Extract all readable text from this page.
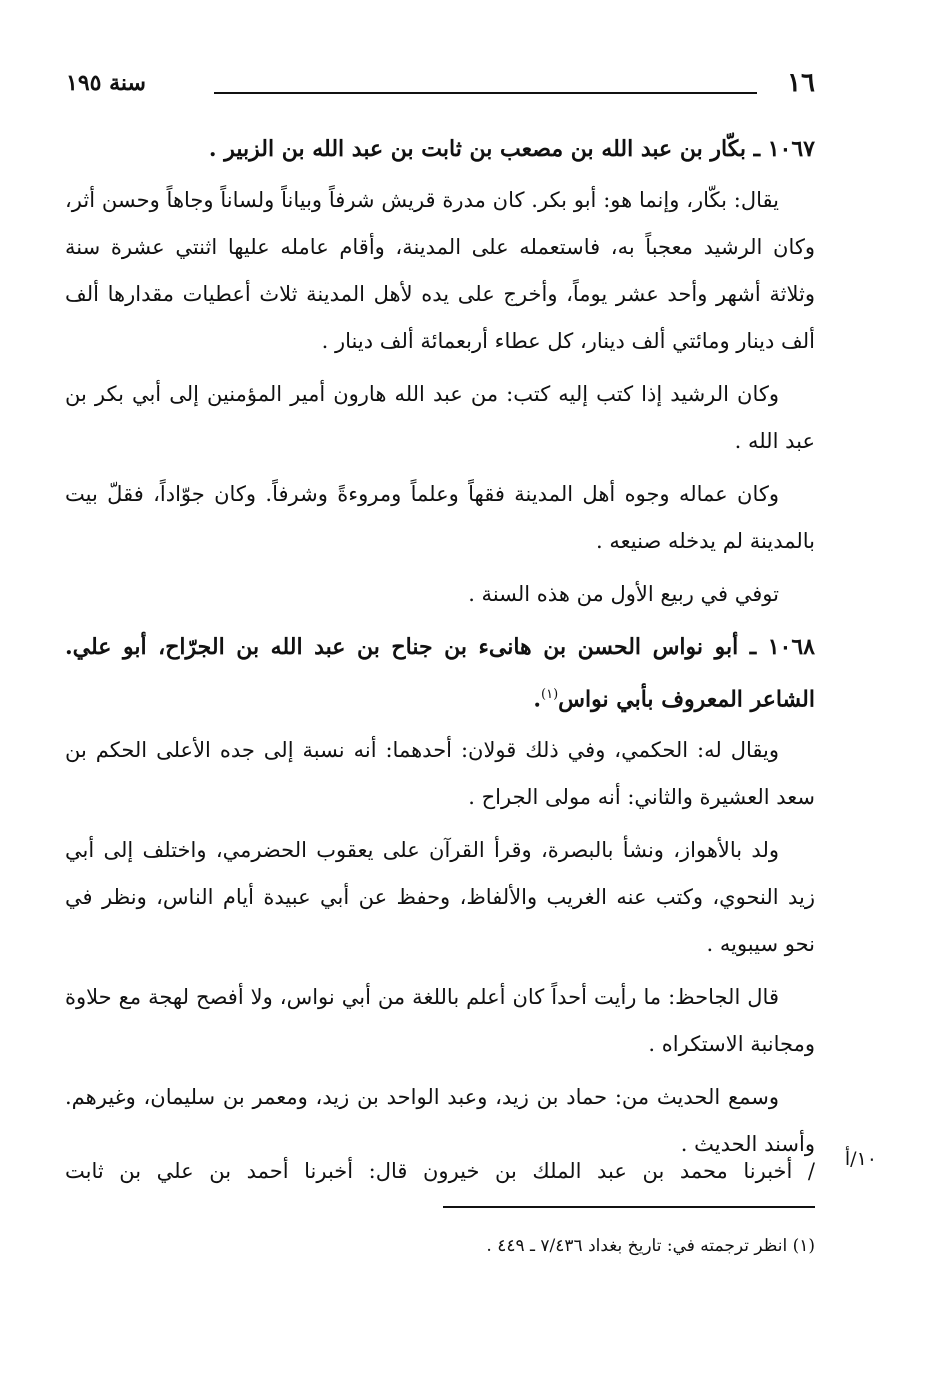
١٦
سنة ١٩٥

١٠٦٧ ـ بكّار بن عبد الله بن مصعب بن ثابت بن عبد الله بن الزبير .

يقال: بكّار، وإنما هو: أبو بكر. كان مدرة قريش شرفاً وبياناً ولساناً وجاهاً وحسن أثر، وكان الرشيد معجباً به، فاستعمله على المدينة، وأقام عامله عليها اثنتي عشرة سنة وثلاثة أشهر وأحد عشر يوماً، وأخرج على يده لأهل المدينة ثلاث أعطيات مقدارها ألف ألف دينار ومائتي ألف دينار، كل عطاء أربعمائة ألف دينار .

وكان الرشيد إذا كتب إليه كتب: من عبد الله هارون أمير المؤمنين إلى أبي بكر بن عبد الله .

وكان عماله وجوه أهل المدينة فقهاً وعلماً ومروءةً وشرفاً. وكان جوّاداً، فقلّ بيت بالمدينة لم يدخله صنيعه .

توفي في ربيع الأول من هذه السنة .

١٠٦٨ ـ أبو نواس الحسن بن هانىء بن جناح بن عبد الله بن الجرّاح، أبو علي. الشاعر المعروف بأبي نواس$^{(١)}$.

ويقال له: الحكمي، وفي ذلك قولان: أحدهما: أنه نسبة إلى جده الأعلى الحكم بن سعد العشيرة والثاني: أنه مولى الجراح .

ولد بالأهواز، ونشأ بالبصرة، وقرأ القرآن على يعقوب الحضرمي، واختلف إلى أبي زيد النحوي، وكتب عنه الغريب والألفاظ، وحفظ عن أبي عبيدة أيام الناس، ونظر في نحو سيبويه .

قال الجاحظ: ما رأيت أحداً كان أعلم باللغة من أبي نواس، ولا أفصح لهجة مع حلاوة ومجانبة الاستكراه .

وسمع الحديث من: حماد بن زيد، وعبد الواحد بن زيد، ومعمر بن سليمان، وغيرهم. وأسند الحديث .

/ أخبرنا محمد بن عبد الملك بن خيرون قال: أخبرنا أحمد بن علي بن ثابت ١٠/أ
(١) انظر ترجمته في: تاريخ بغداد ٧/٤٣٦ ـ ٤٤٩ .
